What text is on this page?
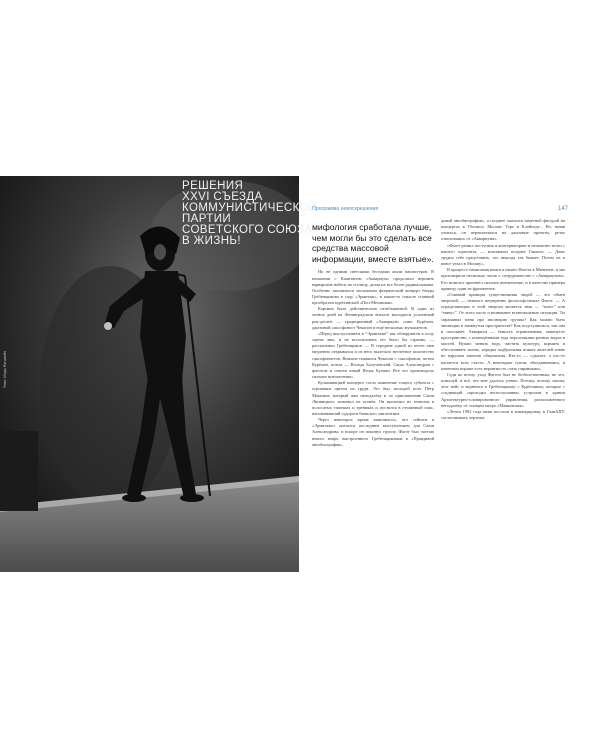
Фото: Игорь Ротштейн
РЕШЕНИЯ
XXVI СЪЕЗДА
КОММУНИСТИЧЕСКОЙ
ПАРТИИ
СОВЕТСКОГО СОЮЗА
В ЖИЗНЬ!
Программа невоскрешения	147
мифология сработала лучше, чем могли бы это сделать все средства массовой информации, вместе взятые».

Но не одними светскими беседами жили нашистеров. В компании с Капитаном «Аквариум» продолжал вершить варварские набеги на столицу, делая их все более радикальными. Особенно запомнился москвичам феерический концерт банды Гребенщикова в саду «Эрмитаж», в каком-то смысле ставший прообразом курёхинской «Поп-Механики».

Картина была действительно незабываемой. В один из летних дней на Ленинградском вокзале высадился усиленный рок-десант — традиционный «Аквариум» плюс Курёхин, джазовый саксофонист Чекасин и ещё несколько музыкантов.

«Перед выступлением в “Эрмитаже” мы обнаружили в полу сцены люк, и не использовать его было бы странно, — рассказывал Гребенщиков. — В середине одной из песен люк медленно открывался и из него вылезало несчётное количество саксофонистов. Вначале появился Чекасин с саксофоном, потом Курёхин, потом — Володя Болучевский, Саша Александров с фаготом и совсем юный Игорь Бутман. Всё это производило сильное впечатление».

Кульминацией концерта стало появление тощего субъекта с огромным щитом на груди. Это был молодой поэт Пётр Мамонов, который жил неподалёку и по приглашению Саши Липницкого зазвонил на огонёк. Он выскочил из темноты в полосатых тапочках и трениках и пустился в отчаянный пляс, напоминавший судороги бывалого эпилептика.

Через некоторое время выяснилось, что сейшен в «Эрмитаже» оказался последним выступлением для Саши Александрова, и вскоре он покинул группу. Фагот был частью некого мифа, выстроенного Гребенщиковым в «Правдивой автобиографии»,

дивой автобиографии», а позднее оказался заметной фигурой на концертах в Тбилиси, Москве, Торе и Клайпеде... Но, начав учиться, он переключился на джазовые проекты, резко отколовшись от «Аквариума».

«Фагот решил поступить в консерваторию и незаметно исчез с нашего горизонта, — вспоминал позднее Гаккель. — Даже трудно себе представить, что никогда так бывает. Потом он и вовсе уехал в Москву».

В процессе написания книги я нашёл Фагота в Мюнхене, и мы проговорили несколько часов о сотрудничестве с «Аквариумом». Его монолог произвёл сильное впечатление, и в качестве примера приведу один из фрагментов.

«Главный принцип существования людей — это обмен энергией, — немного неуверенно философствовал Фагот. — А определяющим в этой энергии является знак — “плюс” или “минус”. От этого часто и возникают всевозможные ситуации. Ты спрашивал меня про эволюцию группы? Как можно быть эволюции в замкнутом пространстве? Как подступишься, так она и поплывёт. Аквариум — ёмкость ограниченная, замкнутое пространство, с помещёнными туда персонажами разных видов и мастей. Нужно менять воду, чистить культуру, кормить и обеспечивать жизнь, изредка подбрасывая всяких жителей извне не нарушая законов общежития. Кто-то — сдыхает, а кто-то пытается всех съесть. А некоторые гуппи, объединившись, в конечном пораже есть вероятность стать пираньями».

Судя по всему, уход Фагота был не безболезненным, но это, пожалуй, и всё, что мне удалось узнать. Потому, потому захожу этот нейс и вернёмся к Гребенщикову с Курёхиным, которые с «сиднящий «проходка непослушания» устроили в здании Архитектурно-планировочного управления, расположенного неподалёку от станции метро «Маяковская».

«Летом 1982 года меня послали в командировку в ГлавАПУ, согласовывать чертежи
